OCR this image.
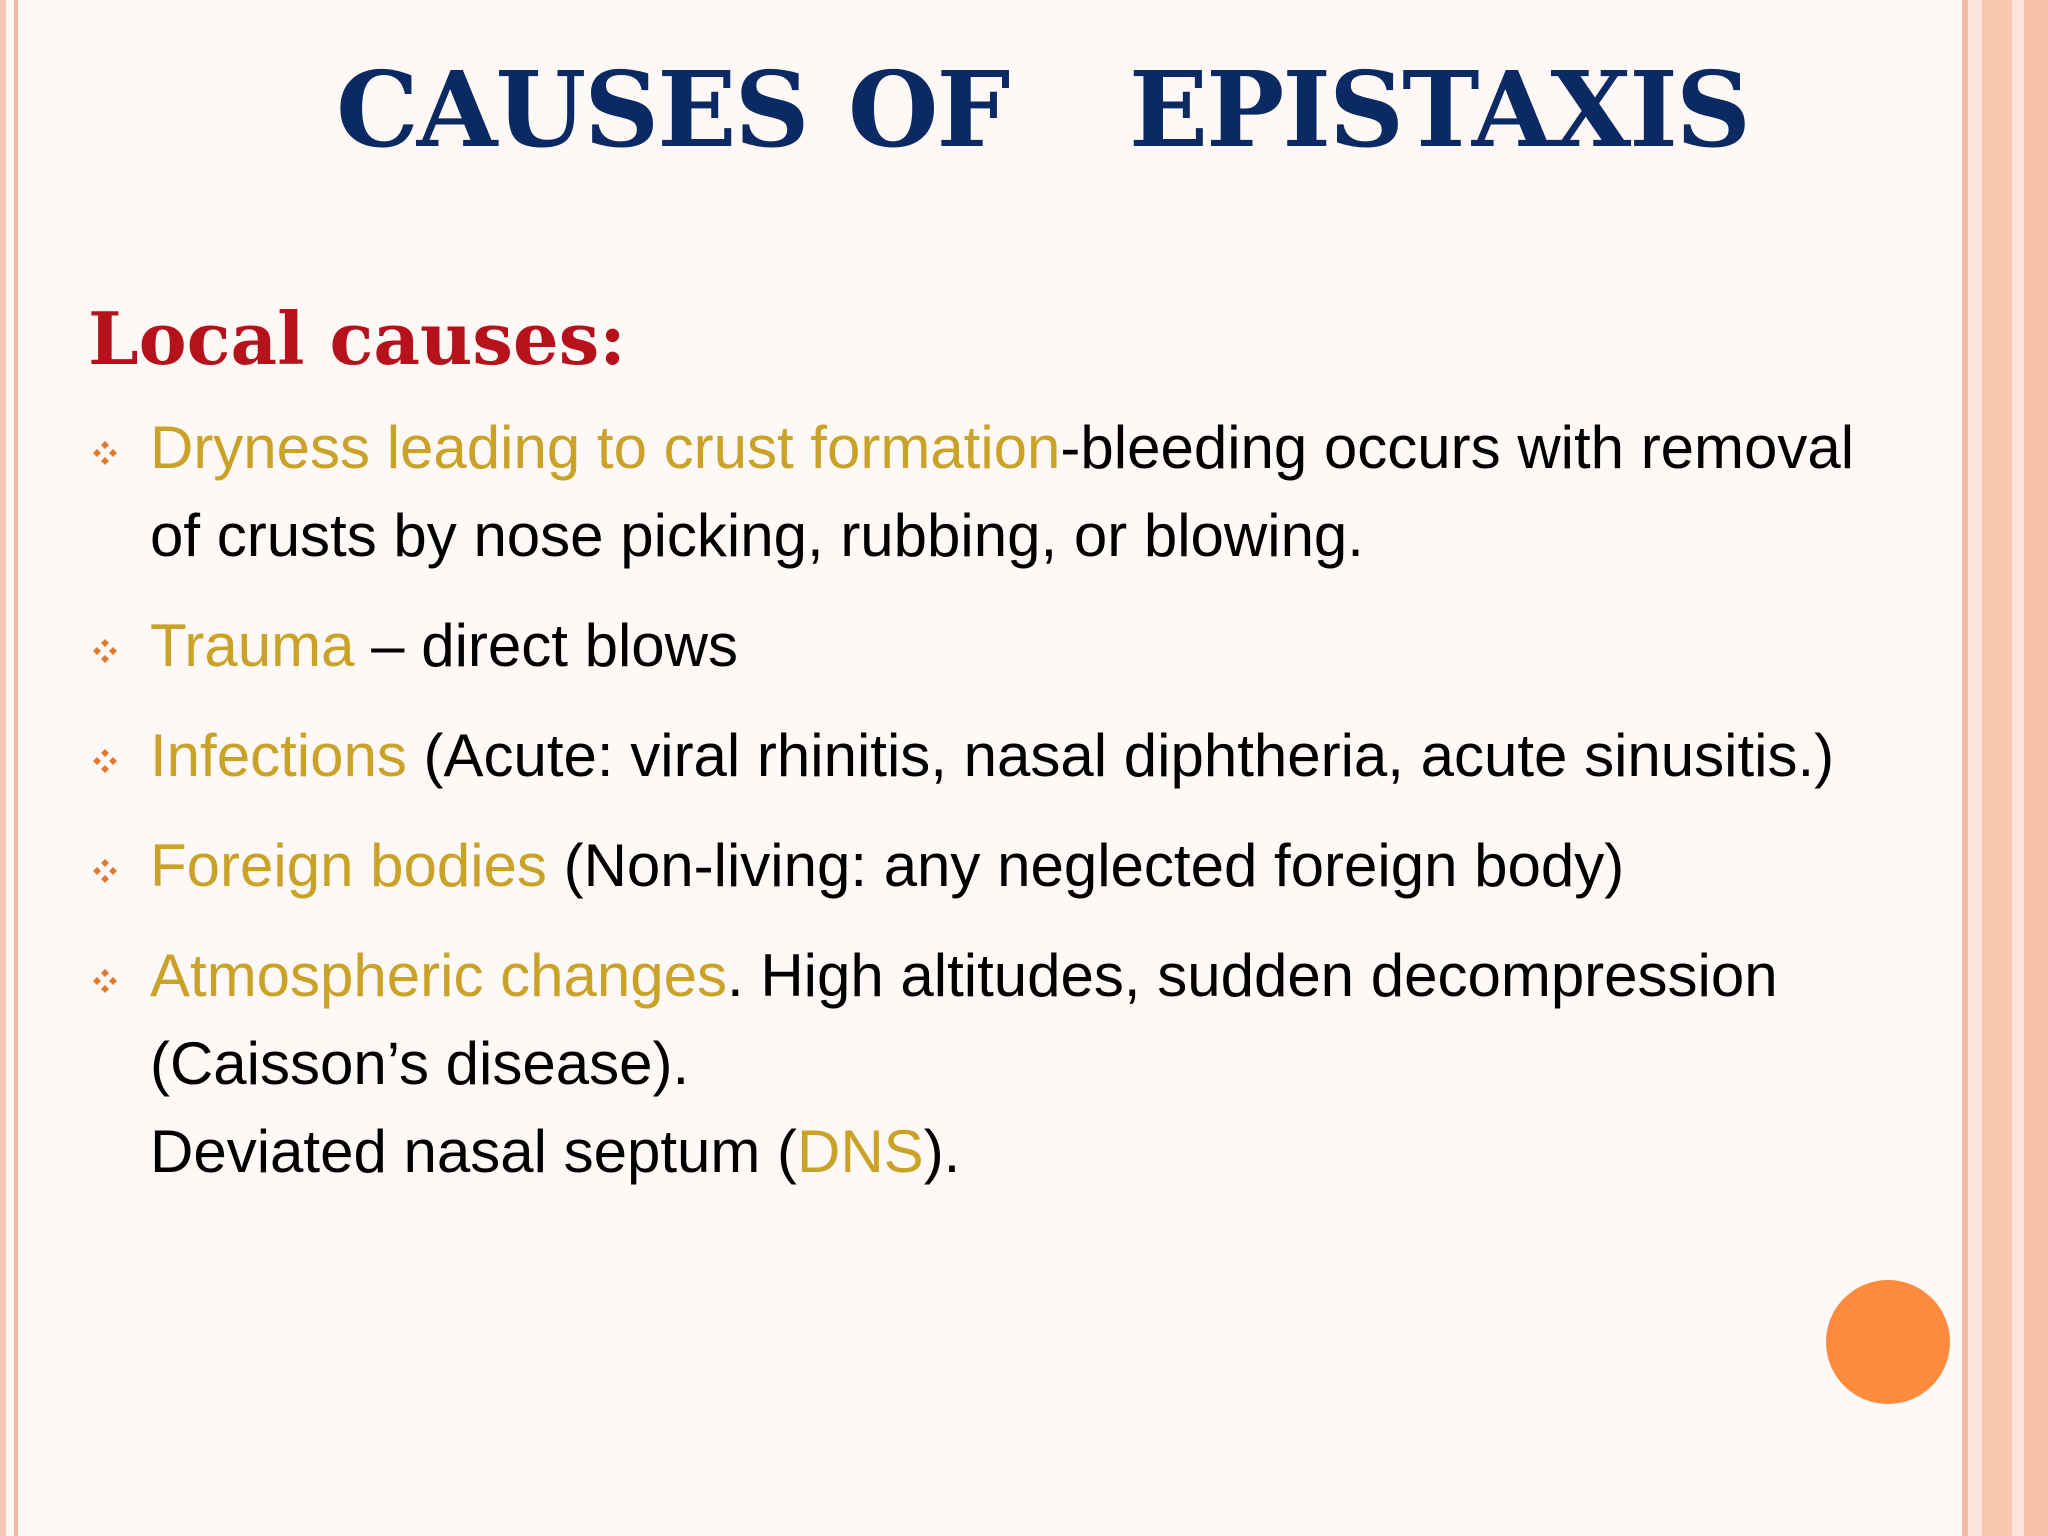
CAUSES OF   EPISTAXIS
Local causes:
Dryness leading to crust formation-bleeding occurs with removal of crusts by nose picking, rubbing, or blowing.
Trauma – direct blows
Infections (Acute: viral rhinitis, nasal diphtheria, acute sinusitis.)
Foreign bodies (Non-living: any neglected foreign body)
Atmospheric changes. High altitudes, sudden decompression (Caisson’s disease).
Deviated nasal septum (DNS).
